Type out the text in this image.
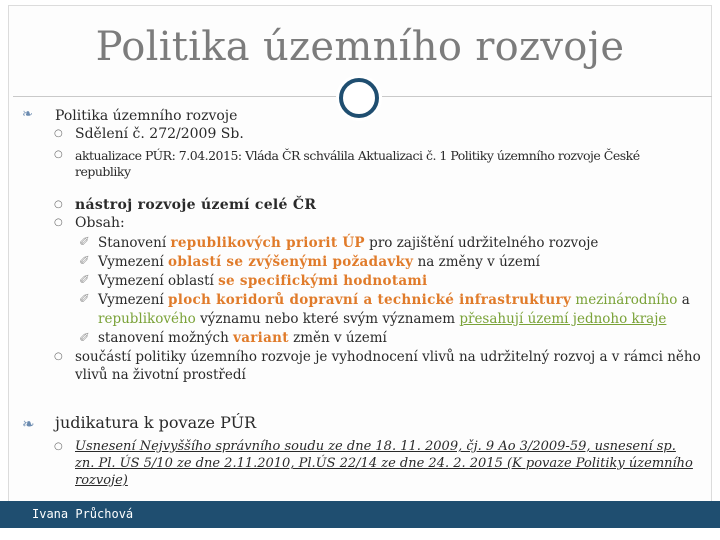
Politika územního rozvoje
❧ Politika územního rozvoje
○ Sdělení č. 272/2009 Sb.
○ aktualizace PÚR: 7.04.2015: Vláda ČR schválila Aktualizaci č. 1 Politiky územního rozvoje České
republiky
○ nástroj rozvoje území celé ČR
○ Obsah:
✐ Stanovení republikových priorit ÚP pro zajištění udržitelného rozvoje
✐ Vymezení oblastí se zvýšenými požadavky na změny v území
✐ Vymezení oblastí se specifickými hodnotami
✐ Vymezení ploch koridorů dopravní a technické infrastruktury mezinárodního a
republikového významu nebo které svým významem přesahují území jednoho kraje
✐ stanovení možných variant změn v území
○ součástí politiky územního rozvoje je vyhodnocení vlivů na udržitelný rozvoj a v rámci něho
vlivů na životní prostředí
❧ judikatura k povaze PÚR
○ Usnesení Nejvyššího správního soudu ze dne 18. 11. 2009, čj. 9 Ao 3/2009-59, usnesení sp.
zn. Pl. ÚS 5/10 ze dne 2.11.2010, Pl.ÚS 22/14 ze dne 24. 2. 2015 (K povaze Politiky územního
rozvoje)
Ivana Průchová
